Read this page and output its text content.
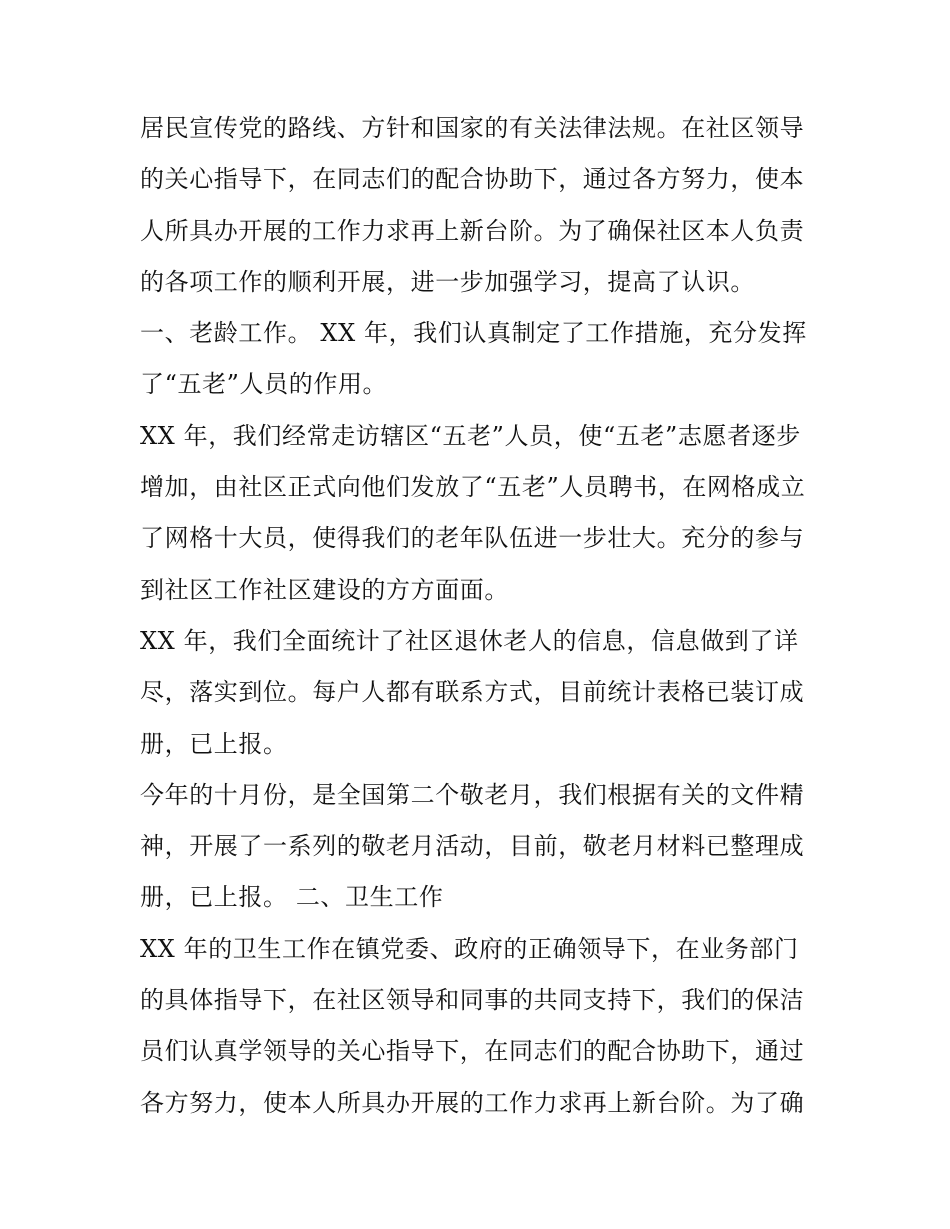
居民宣传党的路线、方针和国家的有关法律法规。在社区领导
的关心指导下，在同志们的配合协助下，通过各方努力，使本
人所具办开展的工作力求再上新台阶。为了确保社区本人负责
的各项工作的顺利开展，进一步加强学习，提高了认识。
一、老龄工作。 XX 年，我们认真制定了工作措施，充分发挥
了“五老”人员的作用。
XX 年，我们经常走访辖区“五老”人员，使“五老”志愿者逐步
增加，由社区正式向他们发放了“五老”人员聘书，在网格成立
了网格十大员，使得我们的老年队伍进一步壮大。充分的参与
到社区工作社区建设的方方面面。
XX 年，我们全面统计了社区退休老人的信息，信息做到了详
尽，落实到位。每户人都有联系方式，目前统计表格已装订成
册，已上报。
今年的十月份，是全国第二个敬老月，我们根据有关的文件精
神，开展了一系列的敬老月活动，目前，敬老月材料已整理成
册，已上报。 二、卫生工作
XX 年的卫生工作在镇党委、政府的正确领导下，在业务部门
的具体指导下，在社区领导和同事的共同支持下，我们的保洁
员们认真学领导的关心指导下，在同志们的配合协助下，通过
各方努力，使本人所具办开展的工作力求再上新台阶。为了确
